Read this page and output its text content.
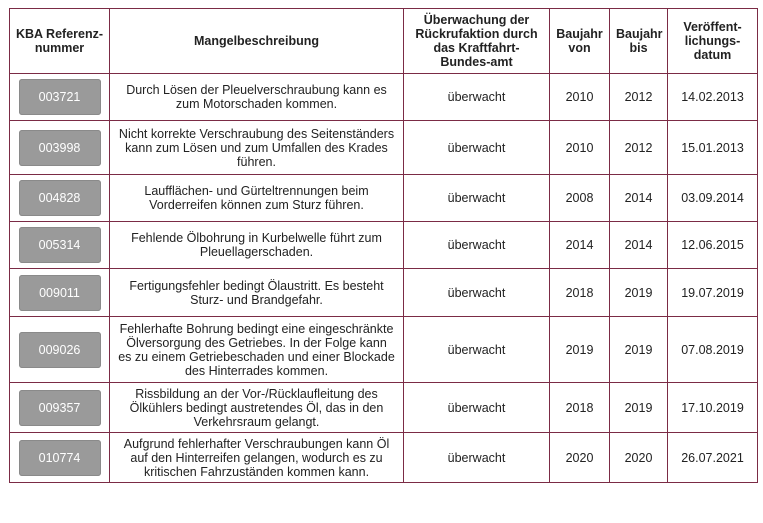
KBA Referenz-nummer	Mangelbeschreibung	Überwachung der Rückrufaktion durch das Kraftfahrt-Bundes-amt	Baujahr von	Baujahr bis	Veröffent-lichungs-datum

003721	Durch Lösen der Pleuelverschraubung kann es zum Motorschaden kommen.	überwacht	2010	2012	14.02.2013

003998	Nicht korrekte Verschraubung des Seitenständers kann zum Lösen und zum Umfallen des Krades führen.	überwacht	2010	2012	15.01.2013

004828	Laufflächen- und Gürteltrennungen beim Vorderreifen können zum Sturz führen.	überwacht	2008	2014	03.09.2014

005314	Fehlende Ölbohrung in Kurbelwelle führt zum Pleuellagerschaden.	überwacht	2014	2014	12.06.2015

009011	Fertigungsfehler bedingt Ölaustritt. Es besteht Sturz- und Brandgefahr.	überwacht	2018	2019	19.07.2019

009026	Fehlerhafte Bohrung bedingt eine eingeschränkte Ölversorgung des Getriebes. In der Folge kann es zu einem Getriebeschaden und einer Blockade des Hinterrades kommen.	überwacht	2019	2019	07.08.2019

009357	Rissbildung an der Vor-/Rücklaufleitung des Ölkühlers bedingt austretendes Öl, das in den Verkehrsraum gelangt.	überwacht	2018	2019	17.10.2019

010774	Aufgrund fehlerhafter Verschraubungen kann Öl auf den Hinterreifen gelangen, wodurch es zu kritischen Fahrzuständen kommen kann.	überwacht	2020	2020	26.07.2021
